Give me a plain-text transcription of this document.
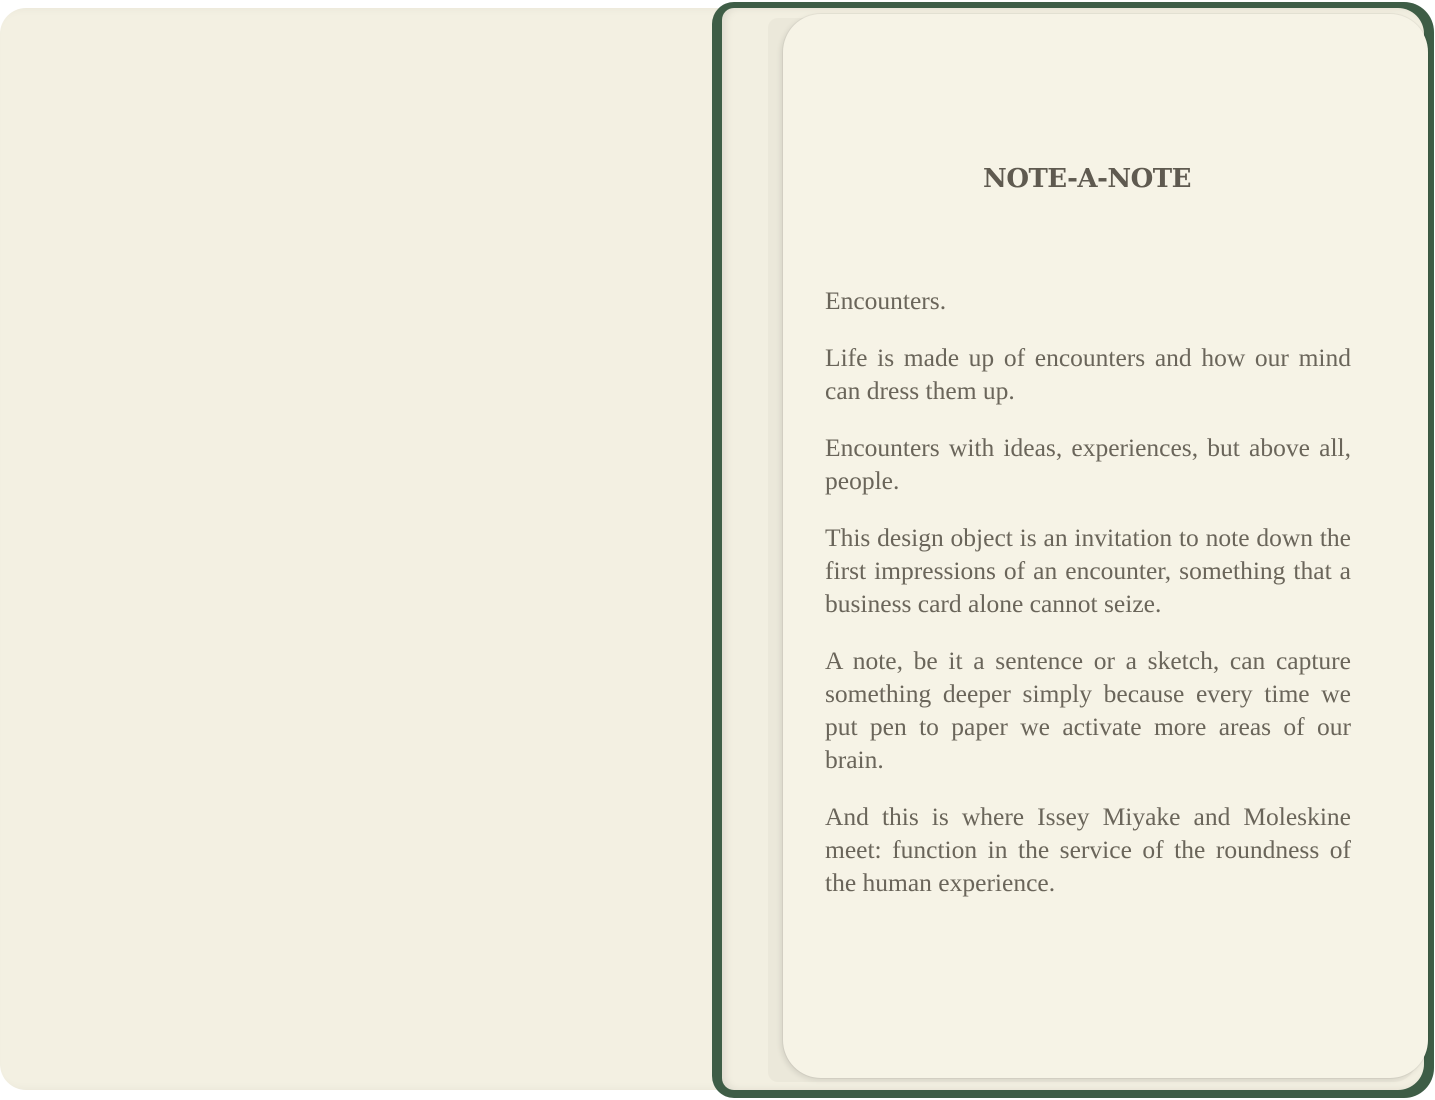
NOTE-A-NOTE

Encounters.

Life is made up of encounters and how our mind can dress them up.

Encounters with ideas, experiences, but above all, people.

This design object is an invitation to note down the first impressions of an encounter, something that a business card alone cannot seize.

A note, be it a sentence or a sketch, can capture something deeper simply because every time we put pen to paper we activate more areas of our brain.

And this is where Issey Miyake and Moleskine meet: function in the service of the roundness of the human experience.
